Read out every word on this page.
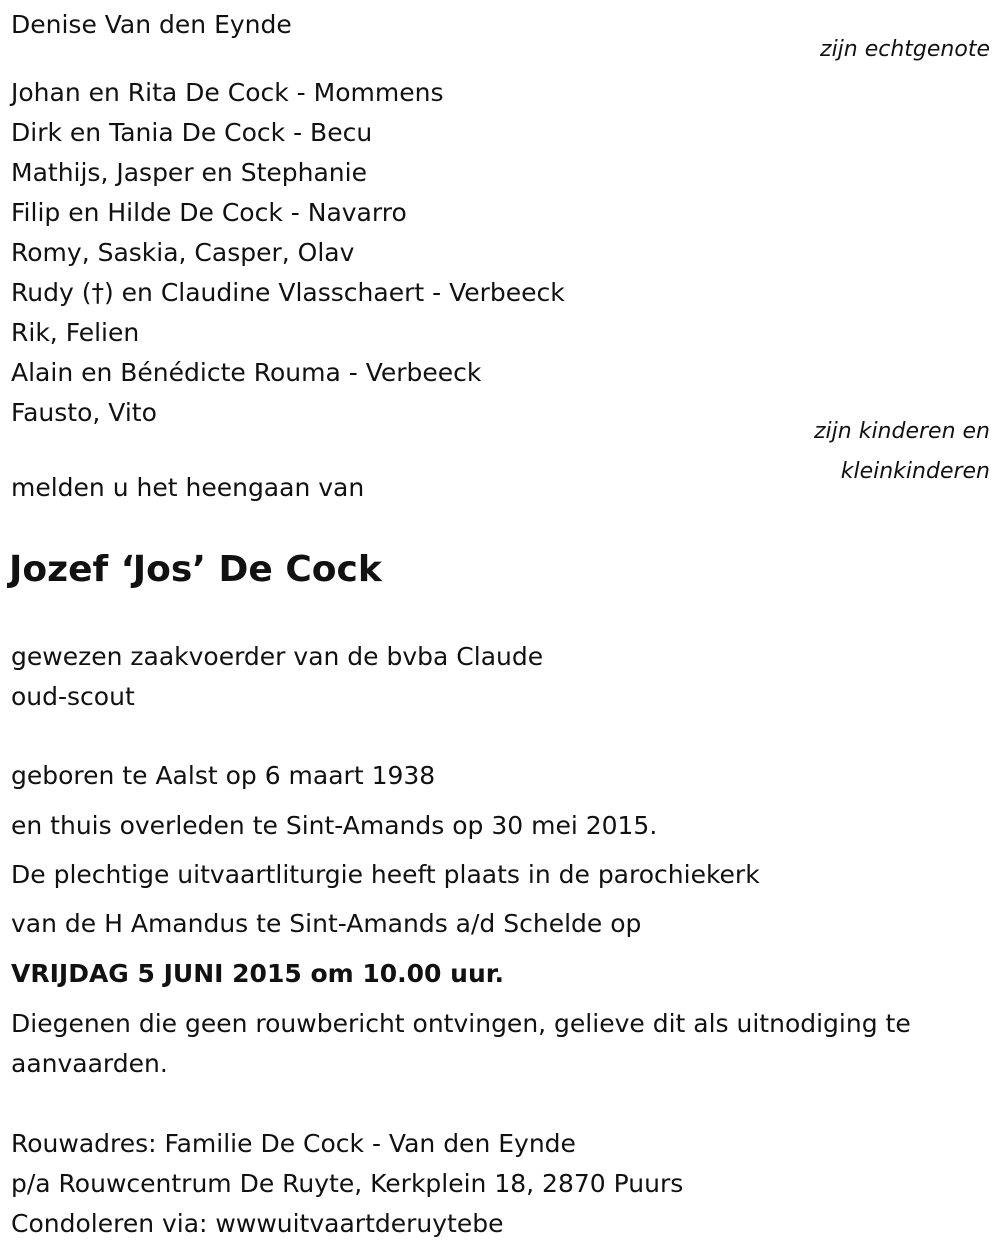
Denise Van den Eynde
zijn echtgenote
Johan en Rita De Cock - Mommens
Dirk en Tania De Cock - Becu
Mathijs, Jasper en Stephanie
Filip en Hilde De Cock - Navarro
Romy, Saskia, Casper, Olav
Rudy (†) en Claudine Vlasschaert - Verbeeck
Rik, Felien
Alain en Bénédicte Rouma - Verbeeck
Fausto, Vito
zijn kinderen en
kleinkinderen
melden u het heengaan van
Jozef ‘Jos’ De Cock
gewezen zaakvoerder van de bvba Claude
oud-scout
geboren te Aalst op 6 maart 1938
en thuis overleden te Sint-Amands op 30 mei 2015.
De plechtige uitvaartliturgie heeft plaats in de parochiekerk
van de H Amandus te Sint-Amands a/d Schelde op
VRIJDAG 5 JUNI 2015 om 10.00 uur.
Diegenen die geen rouwbericht ontvingen, gelieve dit als uitnodiging te
aanvaarden.
Rouwadres: Familie De Cock - Van den Eynde
p/a Rouwcentrum De Ruyte, Kerkplein 18, 2870 Puurs
Condoleren via: wwwuitvaartderuytebe
